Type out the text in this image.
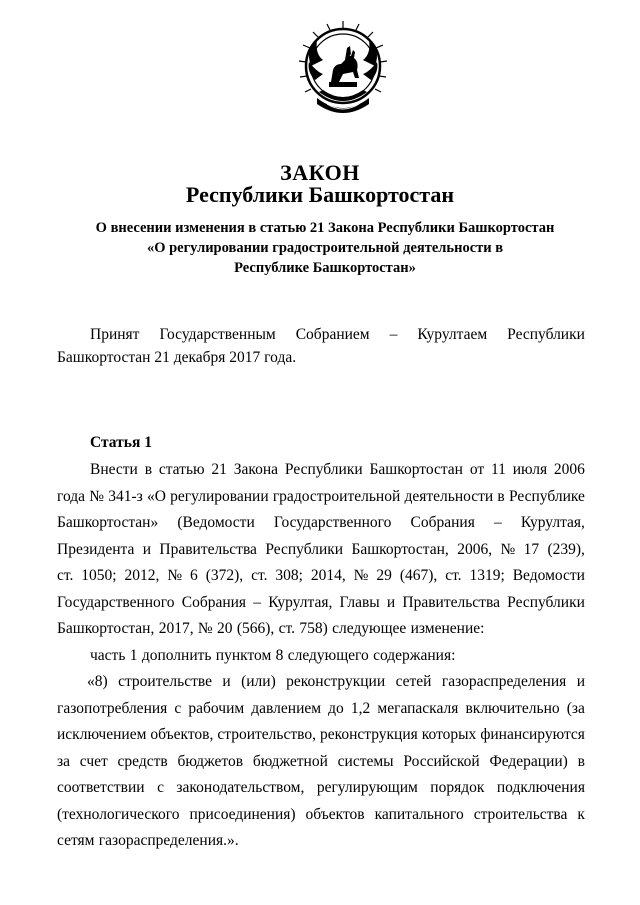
ЗАКОН
Республики Башкортостан
О внесении изменения в статью 21 Закона Республики Башкортостан
«О регулировании градостроительной деятельности в
Республике Башкортостан»
Принят Государственным Собранием – Курултаем Республики
Башкортостан 21 декабря 2017 года.
Статья 1
Внести в статью 21 Закона Республики Башкортостан от 11 июля 2006
года № 341-з «О регулировании градостроительной деятельности в Республике
Башкортостан» (Ведомости Государственного Собрания – Курултая,
Президента и Правительства Республики Башкортостан, 2006, № 17 (239),
ст. 1050; 2012, № 6 (372), ст. 308; 2014, № 29 (467), ст. 1319; Ведомости
Государственного Собрания – Курултая, Главы и Правительства Республики
Башкортостан, 2017, № 20 (566), ст. 758) следующее изменение:
часть 1 дополнить пунктом 8 следующего содержания:
«8) строительстве и (или) реконструкции сетей газораспределения и
газопотребления с рабочим давлением до 1,2 мегапаскаля включительно (за
исключением объектов, строительство, реконструкция которых финансируются
за счет средств бюджетов бюджетной системы Российской Федерации) в
соответствии с законодательством, регулирующим порядок подключения
(технологического присоединения) объектов капитального строительства к
сетям газораспределения.».
